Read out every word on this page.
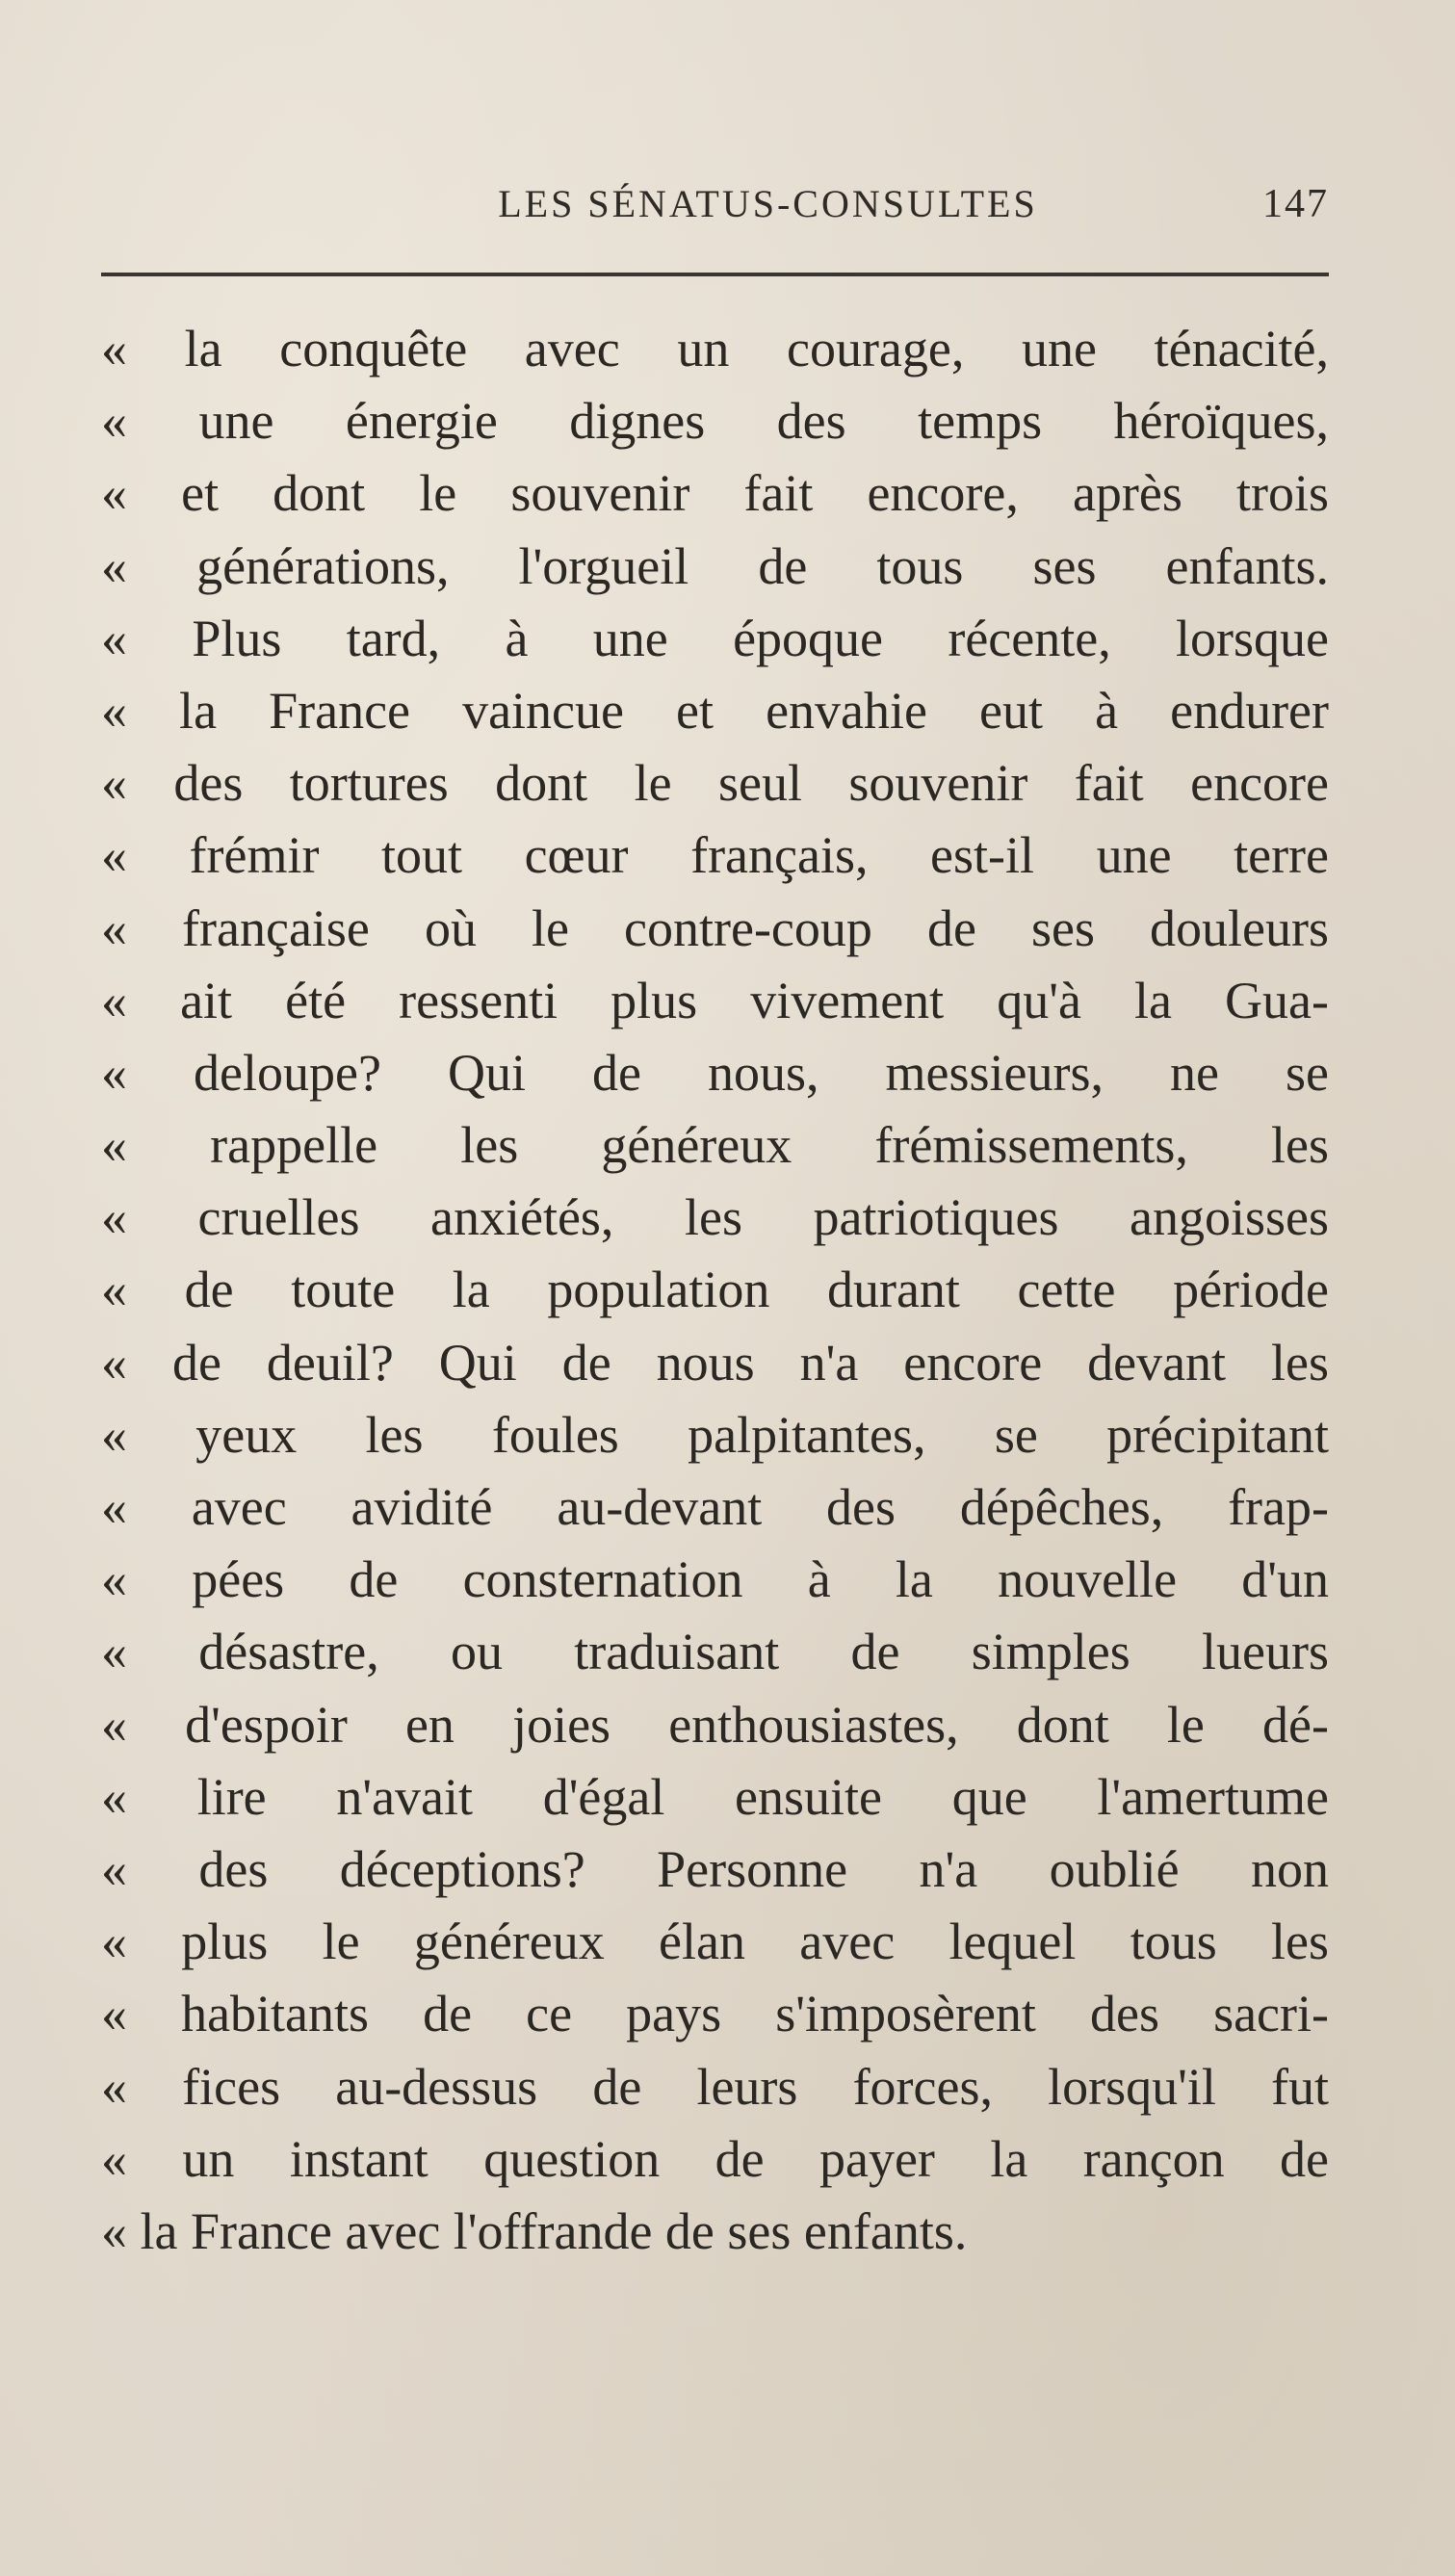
LES SÉNATUS-CONSULTES	147
« la conquête avec un courage, une ténacité,
« une énergie dignes des temps héroïques,
« et dont le souvenir fait encore, après trois
« générations, l'orgueil de tous ses enfants.
« Plus tard, à une époque récente, lorsque
« la France vaincue et envahie eut à endurer
« des tortures dont le seul souvenir fait encore
« frémir tout cœur français, est-il une terre
« française où le contre-coup de ses douleurs
« ait été ressenti plus vivement qu'à la Gua-
« deloupe? Qui de nous, messieurs, ne se
« rappelle les généreux frémissements, les
« cruelles anxiétés, les patriotiques angoisses
« de toute la population durant cette période
« de deuil? Qui de nous n'a encore devant les
« yeux les foules palpitantes, se précipitant
« avec avidité au-devant des dépêches, frap-
« pées de consternation à la nouvelle d'un
« désastre, ou traduisant de simples lueurs
« d'espoir en joies enthousiastes, dont le dé-
« lire n'avait d'égal ensuite que l'amertume
« des déceptions? Personne n'a oublié non
« plus le généreux élan avec lequel tous les
« habitants de ce pays s'imposèrent des sacri-
« fices au-dessus de leurs forces, lorsqu'il fut
« un instant question de payer la rançon de
« la France avec l'offrande de ses enfants.
